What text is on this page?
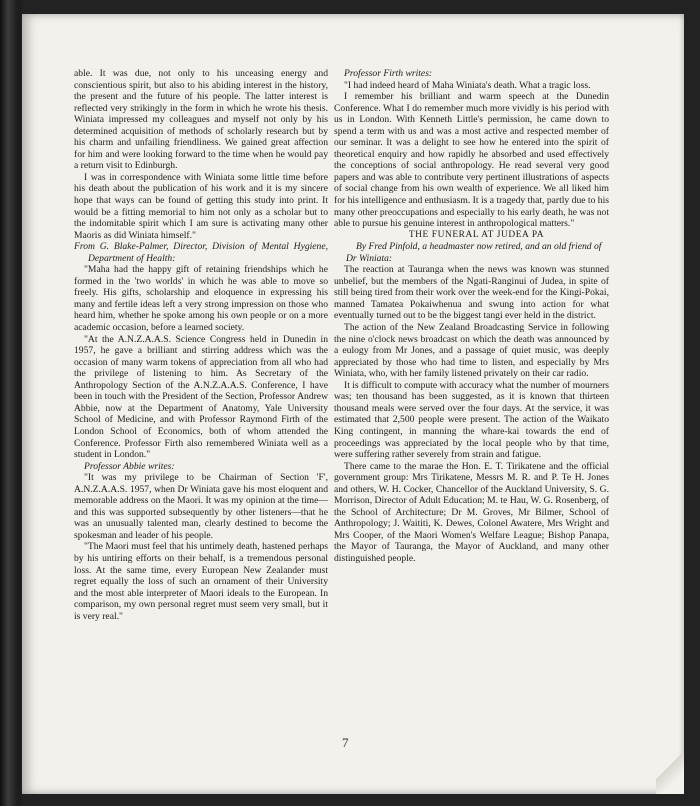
able. It was due, not only to his unceasing energy and conscientious spirit, but also to his abiding interest in the history, the present and the future of his people. The latter interest is reflected very strikingly in the form in which he wrote his thesis. Winiata impressed my colleagues and myself not only by his determined acquisition of methods of scholarly research but by his charm and unfailing friendliness. We gained great affection for him and were looking forward to the time when he would pay a return visit to Edinburgh.

I was in correspondence with Winiata some little time before his death about the publication of his work and it is my sincere hope that ways can be found of getting this study into print. It would be a fitting memorial to him not only as a scholar but to the indomitable spirit which I am sure is activating many other Maoris as did Winiata himself."

From G. Blake-Palmer, Director, Division of Mental Hygiene, Department of Health:

"Maha had the happy gift of retaining friendships which he formed in the 'two worlds' in which he was able to move so freely. His gifts, scholarship and eloquence in expressing his many and fertile ideas left a very strong impression on those who heard him, whether he spoke among his own people or on a more academic occasion, before a learned society.

"At the A.N.Z.A.A.S. Science Congress held in Dunedin in 1957, he gave a brilliant and stirring address which was the occasion of many warm tokens of appreciation from all who had the privilege of listening to him. As Secretary of the Anthropology Section of the A.N.Z.A.A.S. Conference, I have been in touch with the President of the Section, Professor Andrew Abbie, now at the Department of Anatomy, Yale University School of Medicine, and with Professor Raymond Firth of the London School of Economics, both of whom attended the Conference. Professor Firth also remembered Winiata well as a student in London."

Professor Abbie writes:

"It was my privilege to be Chairman of Section 'F', A.N.Z.A.A.S. 1957, when Dr Winiata gave his most eloquent and memorable address on the Maori. It was my opinion at the time—and this was supported subsequently by other listeners—that he was an unusually talented man, clearly destined to become the spokesman and leader of his people.

"The Maori must feel that his untimely death, hastened perhaps by his untiring efforts on their behalf, is a tremendous personal loss. At the same time, every European New Zealander must regret equally the loss of such an ornament of their University and the most able interpreter of Maori ideals to the European. In comparison, my own personal regret must seem very small, but it is very real."

Professor Firth writes:

"I had indeed heard of Maha Winiata's death. What a tragic loss.

I remember his brilliant and warm speech at the Dunedin Conference. What I do remember much more vividly is his period with us in London. With Kenneth Little's permission, he came down to spend a term with us and was a most active and respected member of our seminar. It was a delight to see how he entered into the spirit of theoretical enquiry and how rapidly he absorbed and used effectively the conceptions of social anthropology. He read several very good papers and was able to contribute very pertinent illustrations of aspects of social change from his own wealth of experience. We all liked him for his intelligence and enthusiasm. It is a tragedy that, partly due to his many other preoccupations and especially to his early death, he was not able to pursue his genuine interest in anthropological matters."

THE FUNERAL AT JUDEA PA

By Fred Pinfold, a headmaster now retired, and an old friend of Dr Winiata:

The reaction at Tauranga when the news was known was stunned unbelief, but the members of the Ngati-Ranginui of Judea, in spite of still being tired from their work over the week-end for the Kingi-Pokai, manned Tamatea Pokaiwhenua and swung into action for what eventually turned out to be the biggest tangi ever held in the district.

The action of the New Zealand Broadcasting Service in following the nine o'clock news broadcast on which the death was announced by a eulogy from Mr Jones, and a passage of quiet music, was deeply appreciated by those who had time to listen, and especially by Mrs Winiata, who, with her family listened privately on their car radio.

It is difficult to compute with accuracy what the number of mourners was; ten thousand has been suggested, as it is known that thirteen thousand meals were served over the four days. At the service, it was estimated that 2,500 people were present. The action of the Waikato King contingent, in manning the whare-kai towards the end of proceedings was appreciated by the local people who by that time, were suffering rather severely from strain and fatigue.

There came to the marae the Hon. E. T. Tirikatene and the official government group: Mrs Tirikatene, Messrs M. R. and P. Te H. Jones and others, W. H. Cocker, Chancellor of the Auckland University, S. G. Morrison, Director of Adult Education; M. te Hau, W. G. Rosenberg, of the School of Architecture; Dr M. Groves, Mr Bilmer, School of Anthropology; J. Waititi, K. Dewes, Colonel Awatere, Mrs Wright and Mrs Cooper, of the Maori Women's Welfare League; Bishop Panapa, the Mayor of Tauranga, the Mayor of Auckland, and many other distinguished people.

7
